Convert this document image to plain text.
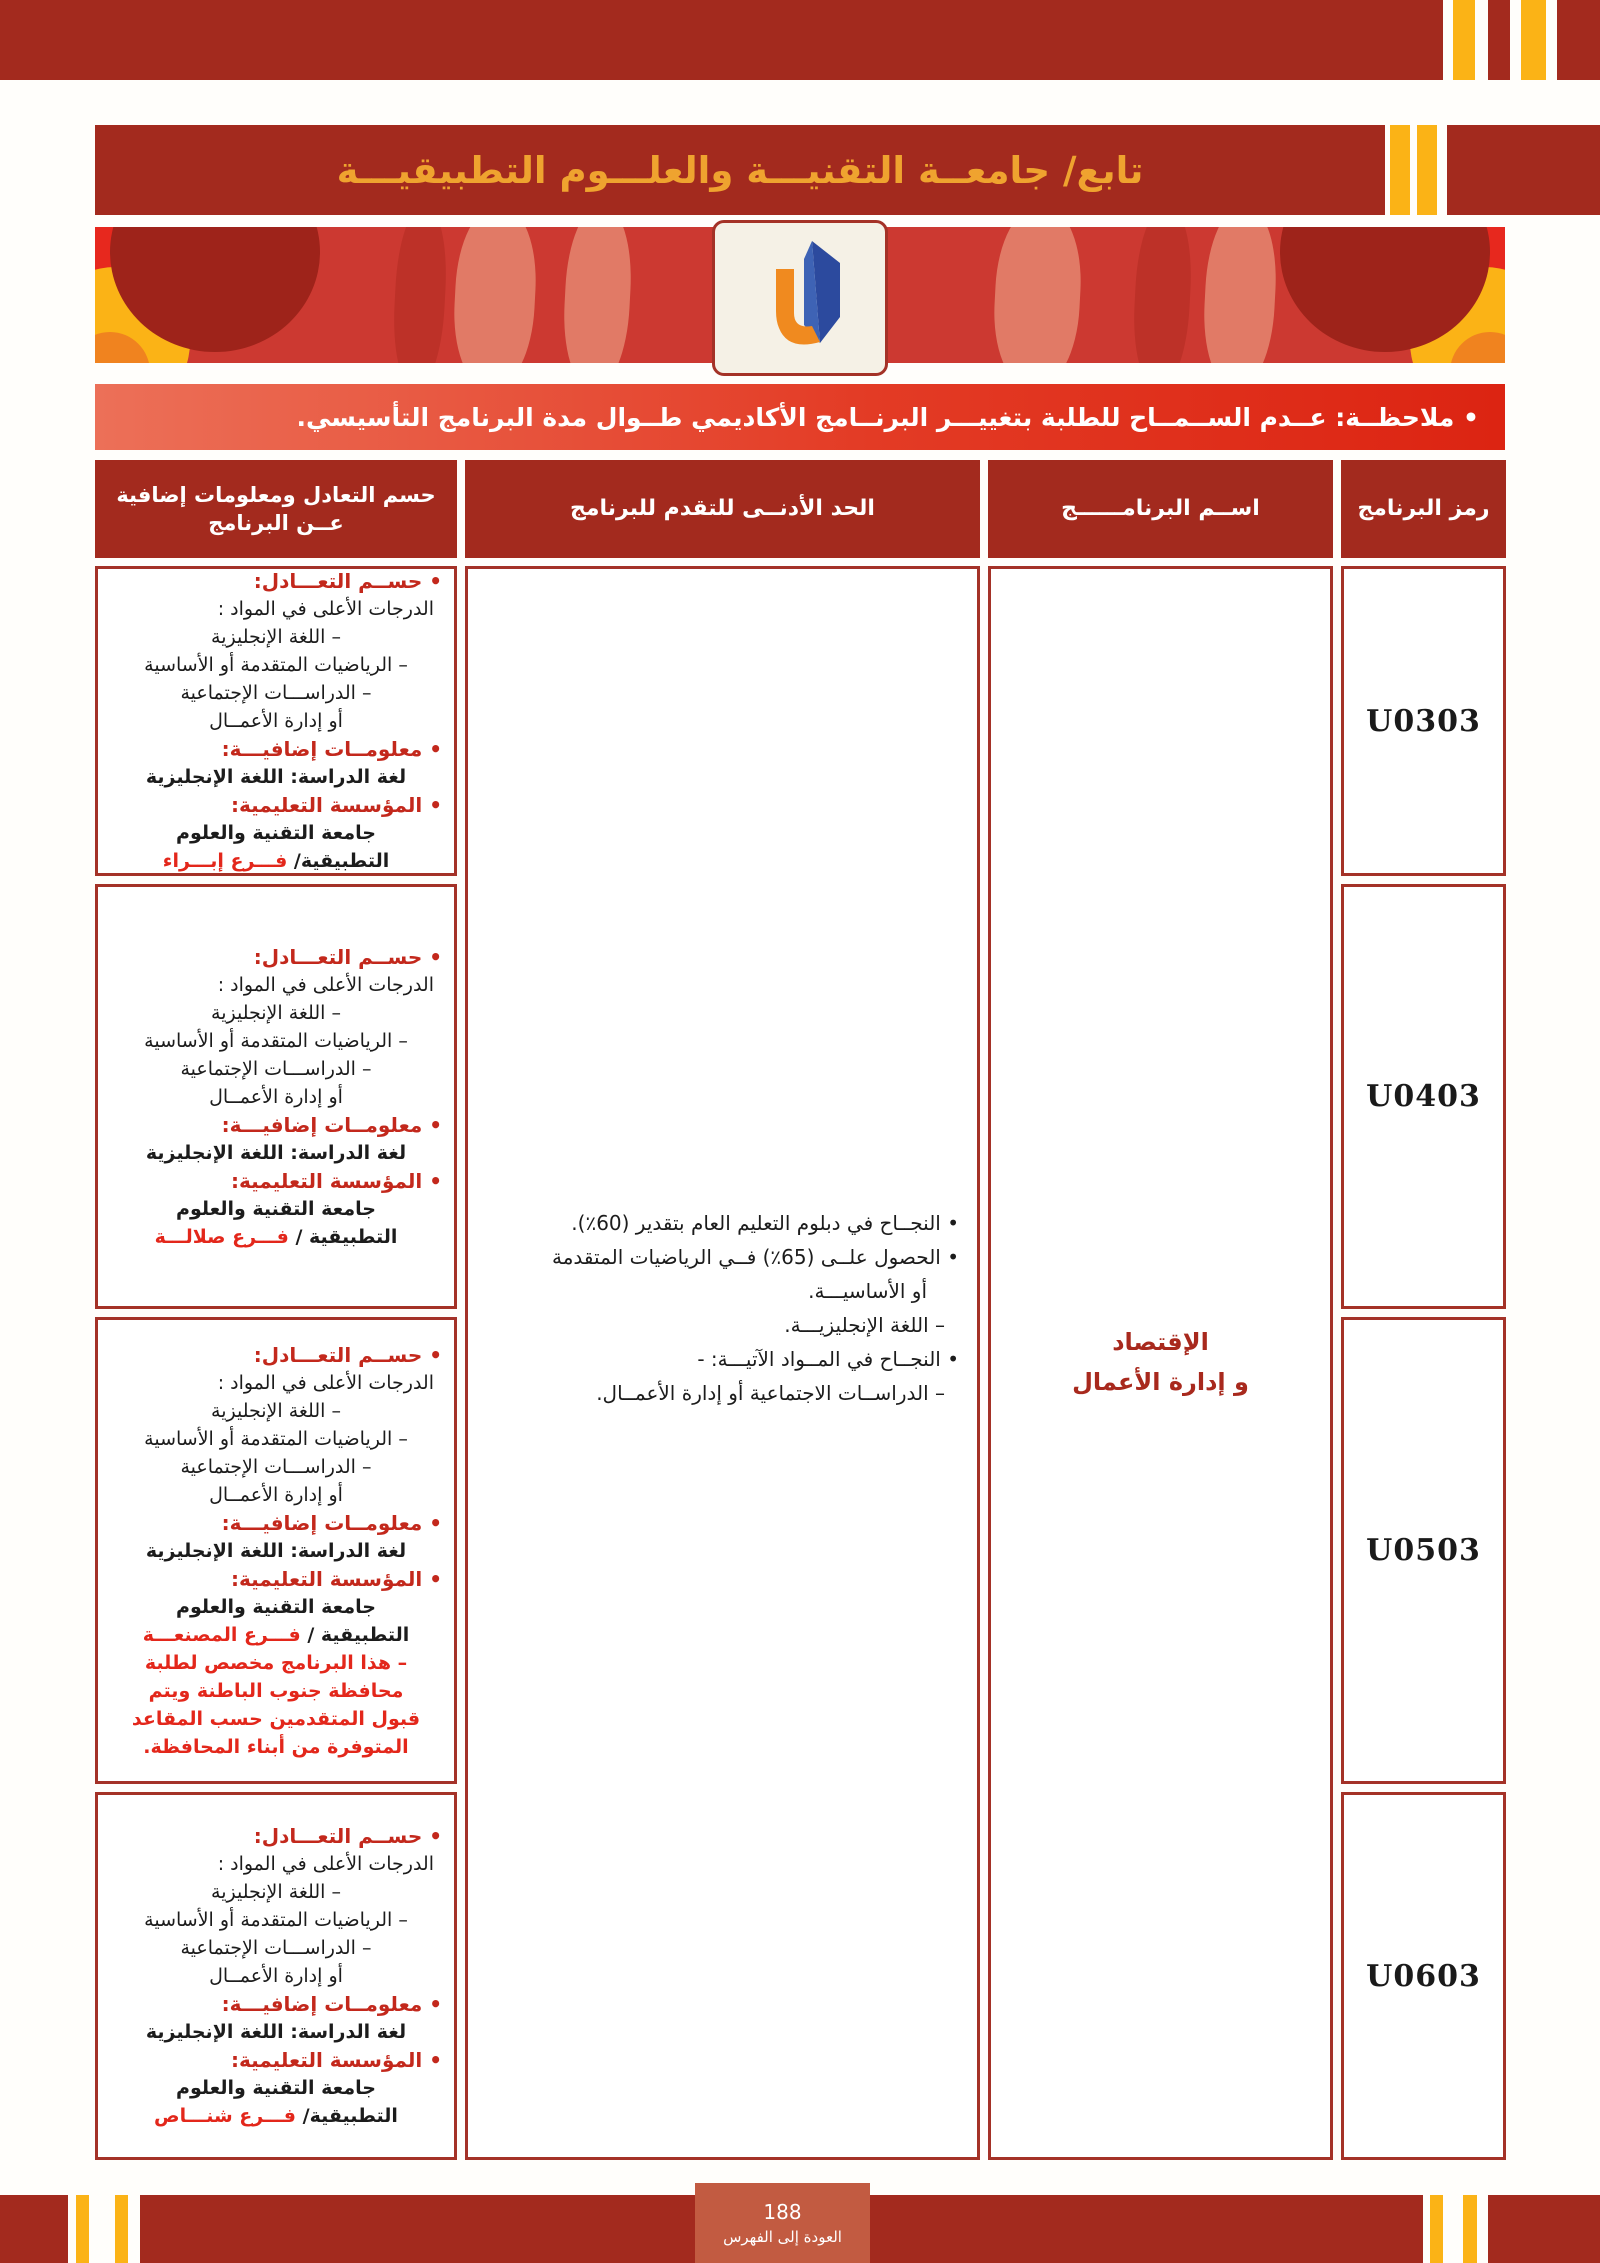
تابع/ جامعــة التقنيـــة والعلـــوم التطبيقيـــة
• ملاحظــة: عــدم الســمــاح للطلبة بتغييـــر البرنــامج الأكاديمي طــوال مدة البرنامج التأسيسي.
رمز البرنامج
اســم البرنامــــــج
الحد الأدنــى للتقدم للبرنامج
حسم التعادل ومعلومات إضافية عــن البرنامج
الإقتصاد
و إدارة الأعمال
• النجــاح في دبلوم التعليم العام بتقدير (60٪).
• الحصول علــى (65٪) فــي الرياضيات المتقدمة
أو الأساسيـــة.
– اللغة الإنجليزيـــة.
• النجــاح في المــواد الآتيـــة: -
– الدراســات الاجتماعية أو إدارة الأعمــال.
U0303
U0403
U0503
U0603
• حســم التعـــادل:
الدرجات الأعلى في المواد :
– اللغة الإنجليزية
– الرياضيات المتقدمة أو الأساسية
– الدراســـات الإجتماعية
أو إدارة الأعمــال
• معلومــات إضافيـــة:
لغة الدراسة: اللغة الإنجليزية
• المؤسسة التعليمية:
جامعة التقنية والعلوم
التطبيقية/ فـــرع إبـــراء
• حســم التعـــادل:
الدرجات الأعلى في المواد :
– اللغة الإنجليزية
– الرياضيات المتقدمة أو الأساسية
– الدراســـات الإجتماعية
أو إدارة الأعمــال
• معلومــات إضافيـــة:
لغة الدراسة: اللغة الإنجليزية
• المؤسسة التعليمية:
جامعة التقنية والعلوم
التطبيقية / فـــرع صلالـــة
• حســم التعـــادل:
الدرجات الأعلى في المواد :
– اللغة الإنجليزية
– الرياضيات المتقدمة أو الأساسية
– الدراســـات الإجتماعية
أو إدارة الأعمــال
• معلومــات إضافيـــة:
لغة الدراسة: اللغة الإنجليزية
• المؤسسة التعليمية:
جامعة التقنية والعلوم
التطبيقية / فـــرع المصنعـــة
– هذا البرنامج مخصص لطلبة
محافظة جنوب الباطنة ويتم
قبول المتقدمين حسب المقاعد
المتوفرة من أبناء المحافظة.
• حســم التعـــادل:
الدرجات الأعلى في المواد :
– اللغة الإنجليزية
– الرياضيات المتقدمة أو الأساسية
– الدراســـات الإجتماعية
أو إدارة الأعمــال
• معلومــات إضافيـــة:
لغة الدراسة: اللغة الإنجليزية
• المؤسسة التعليمية:
جامعة التقنية والعلوم
التطبيقية/ فـــرع شنـــاص
188
العودة إلى الفهرس
